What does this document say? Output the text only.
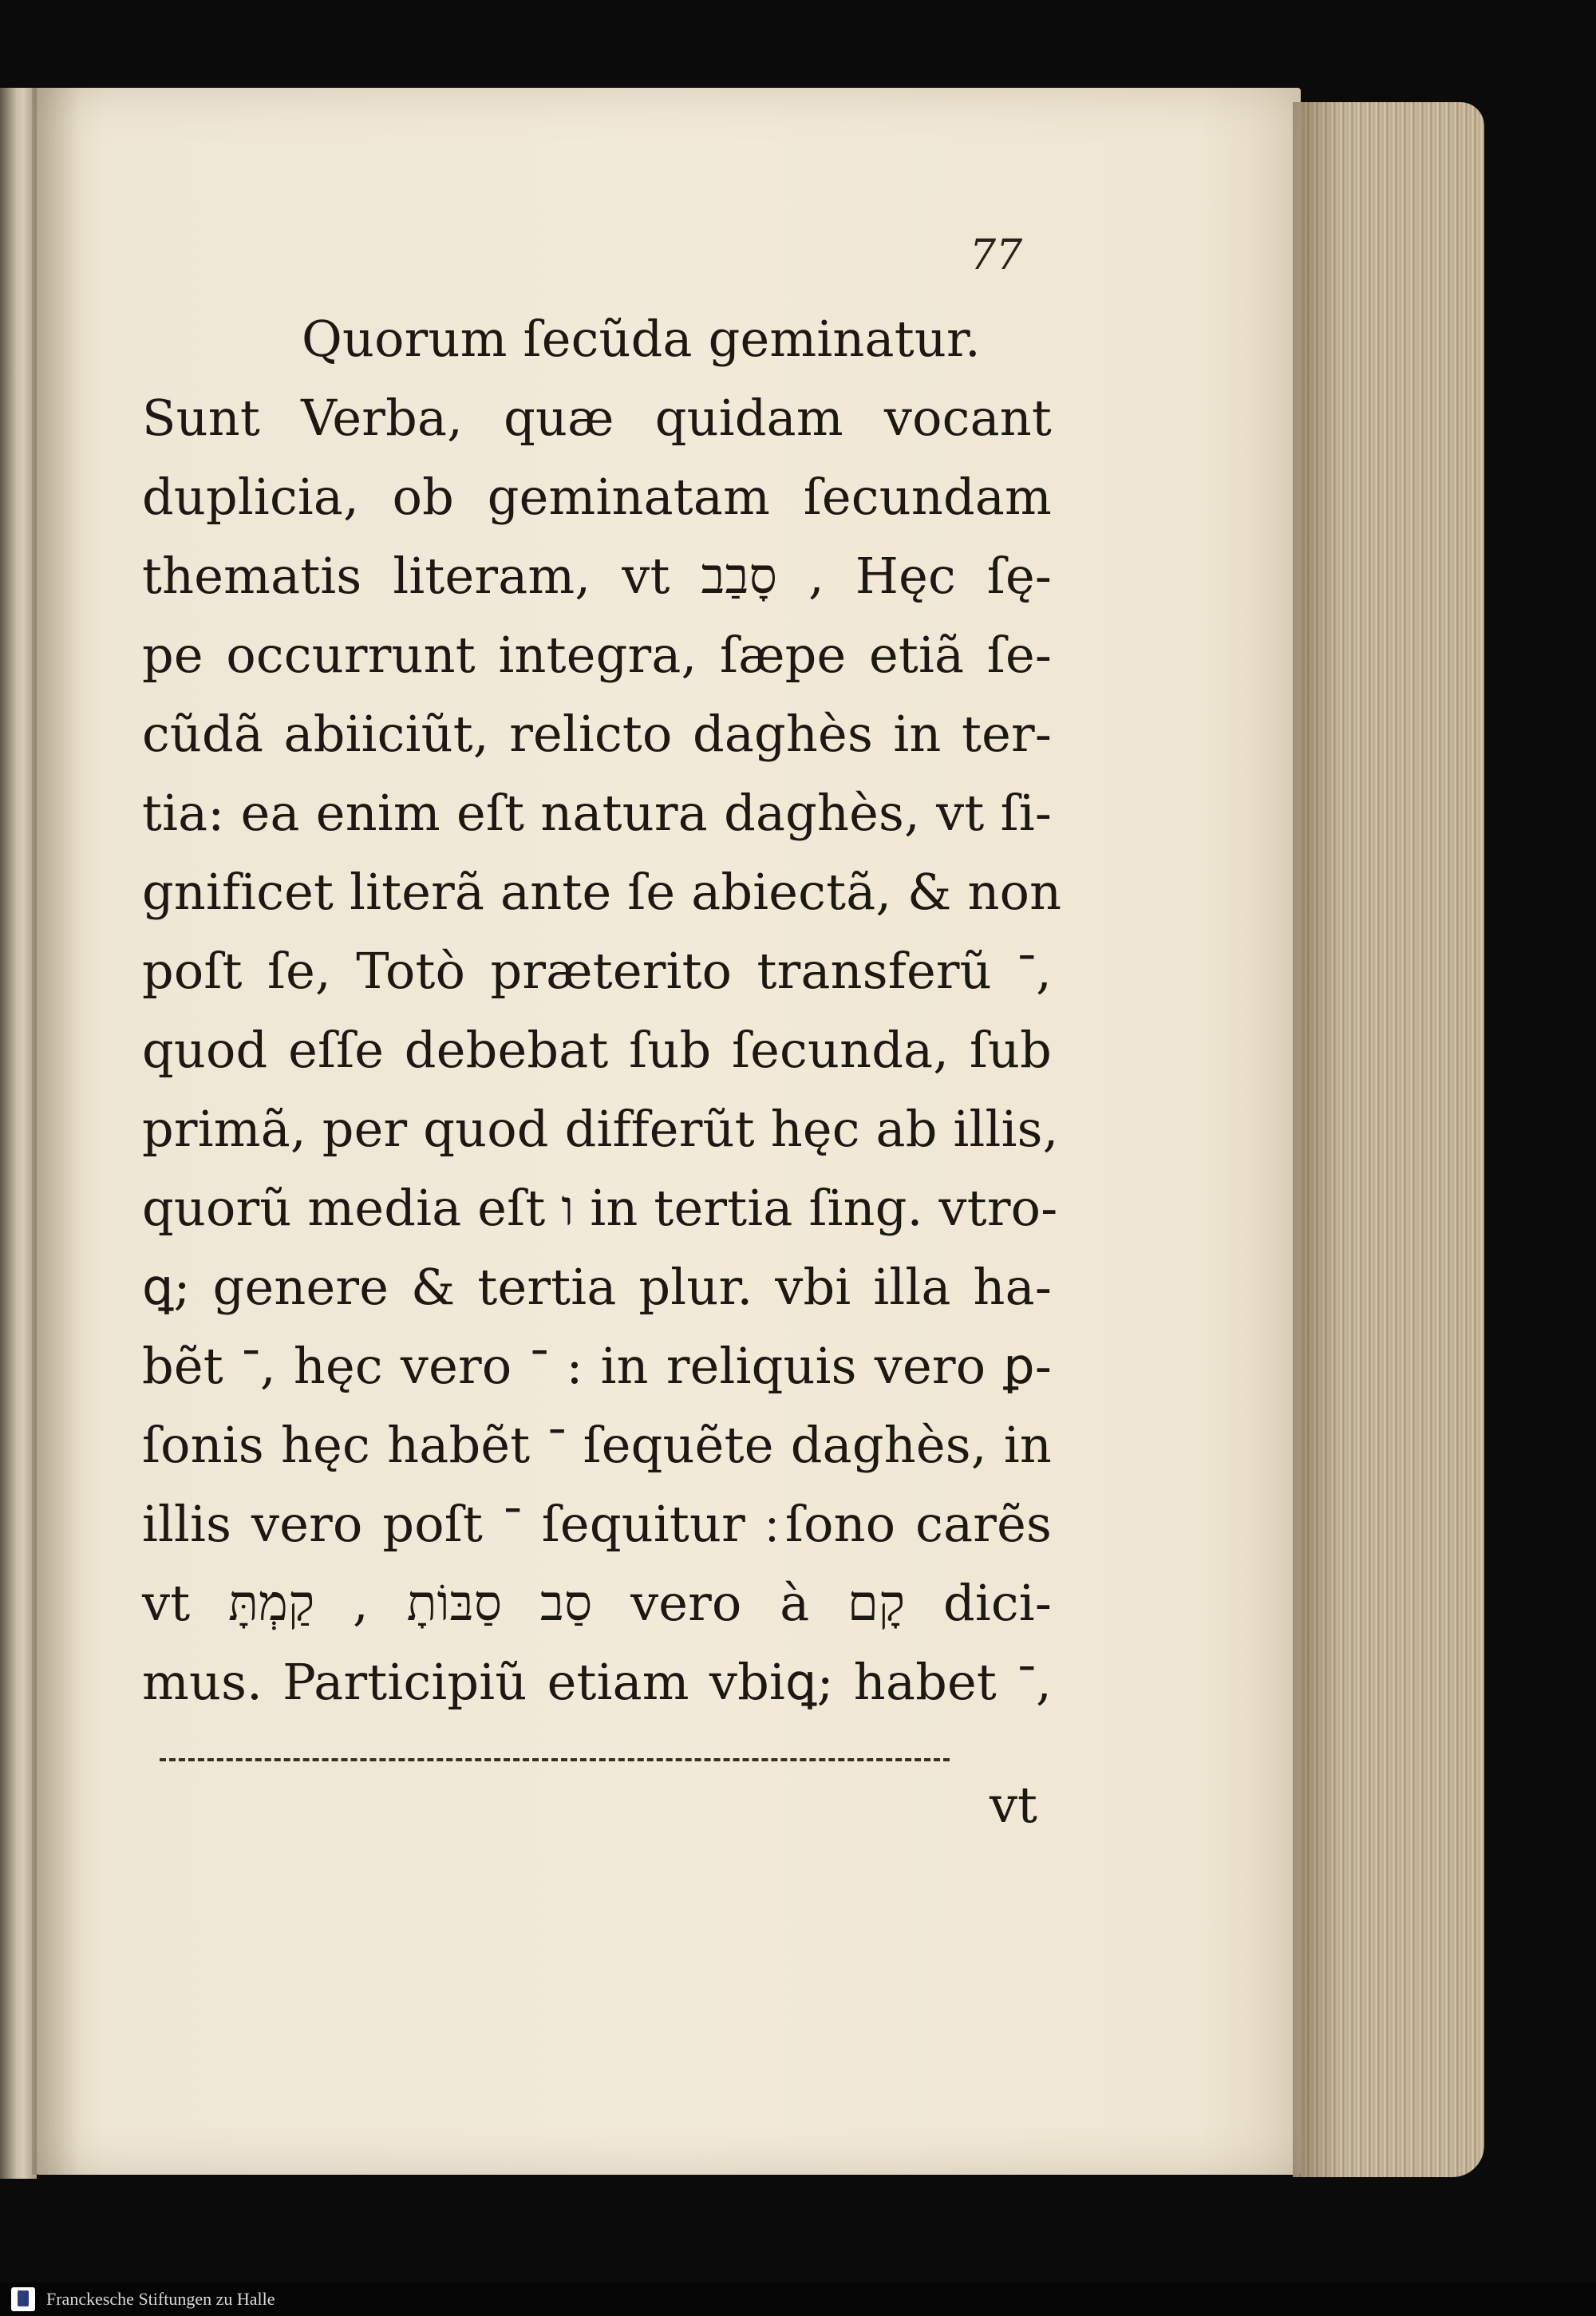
77
Quorum ſecũda geminatur.
Sunt Verba, quæ quidam vocant
duplicia, ob geminatam ſecundam
thematis literam, vt סָבַב , Hęc ſę-
pe occurrunt integra, ſæpe etiã ſe-
cũdã abiiciũt, relicto daghès in ter-
tia: ea enim eſt natura daghès, vt ſi-
gnificet literã ante ſe abiectã, & non
poſt ſe, Totò præterito transferũ ־,
quod eſſe debebat ſub ſecunda, ſub
primã, per quod differũt hęc ab illis,
quorũ media eſt ו in tertia ſing. vtro-
ꝗ; genere & tertia plur. vbi illa ha-
bẽt ־, hęc vero ־ : in reliquis vero ꝑ-
ſonis hęc habẽt ־ ſequẽte daghès, in
illis vero poſt ־ ſequitur ׃ ſono carẽs
vt סַב סַבּוֹתָ , קַמְתָּ vero à קָם dici-
mus. Participiũ etiam vbiꝗ; habet ־,
vt
Franckesche Stiftungen zu Halle
